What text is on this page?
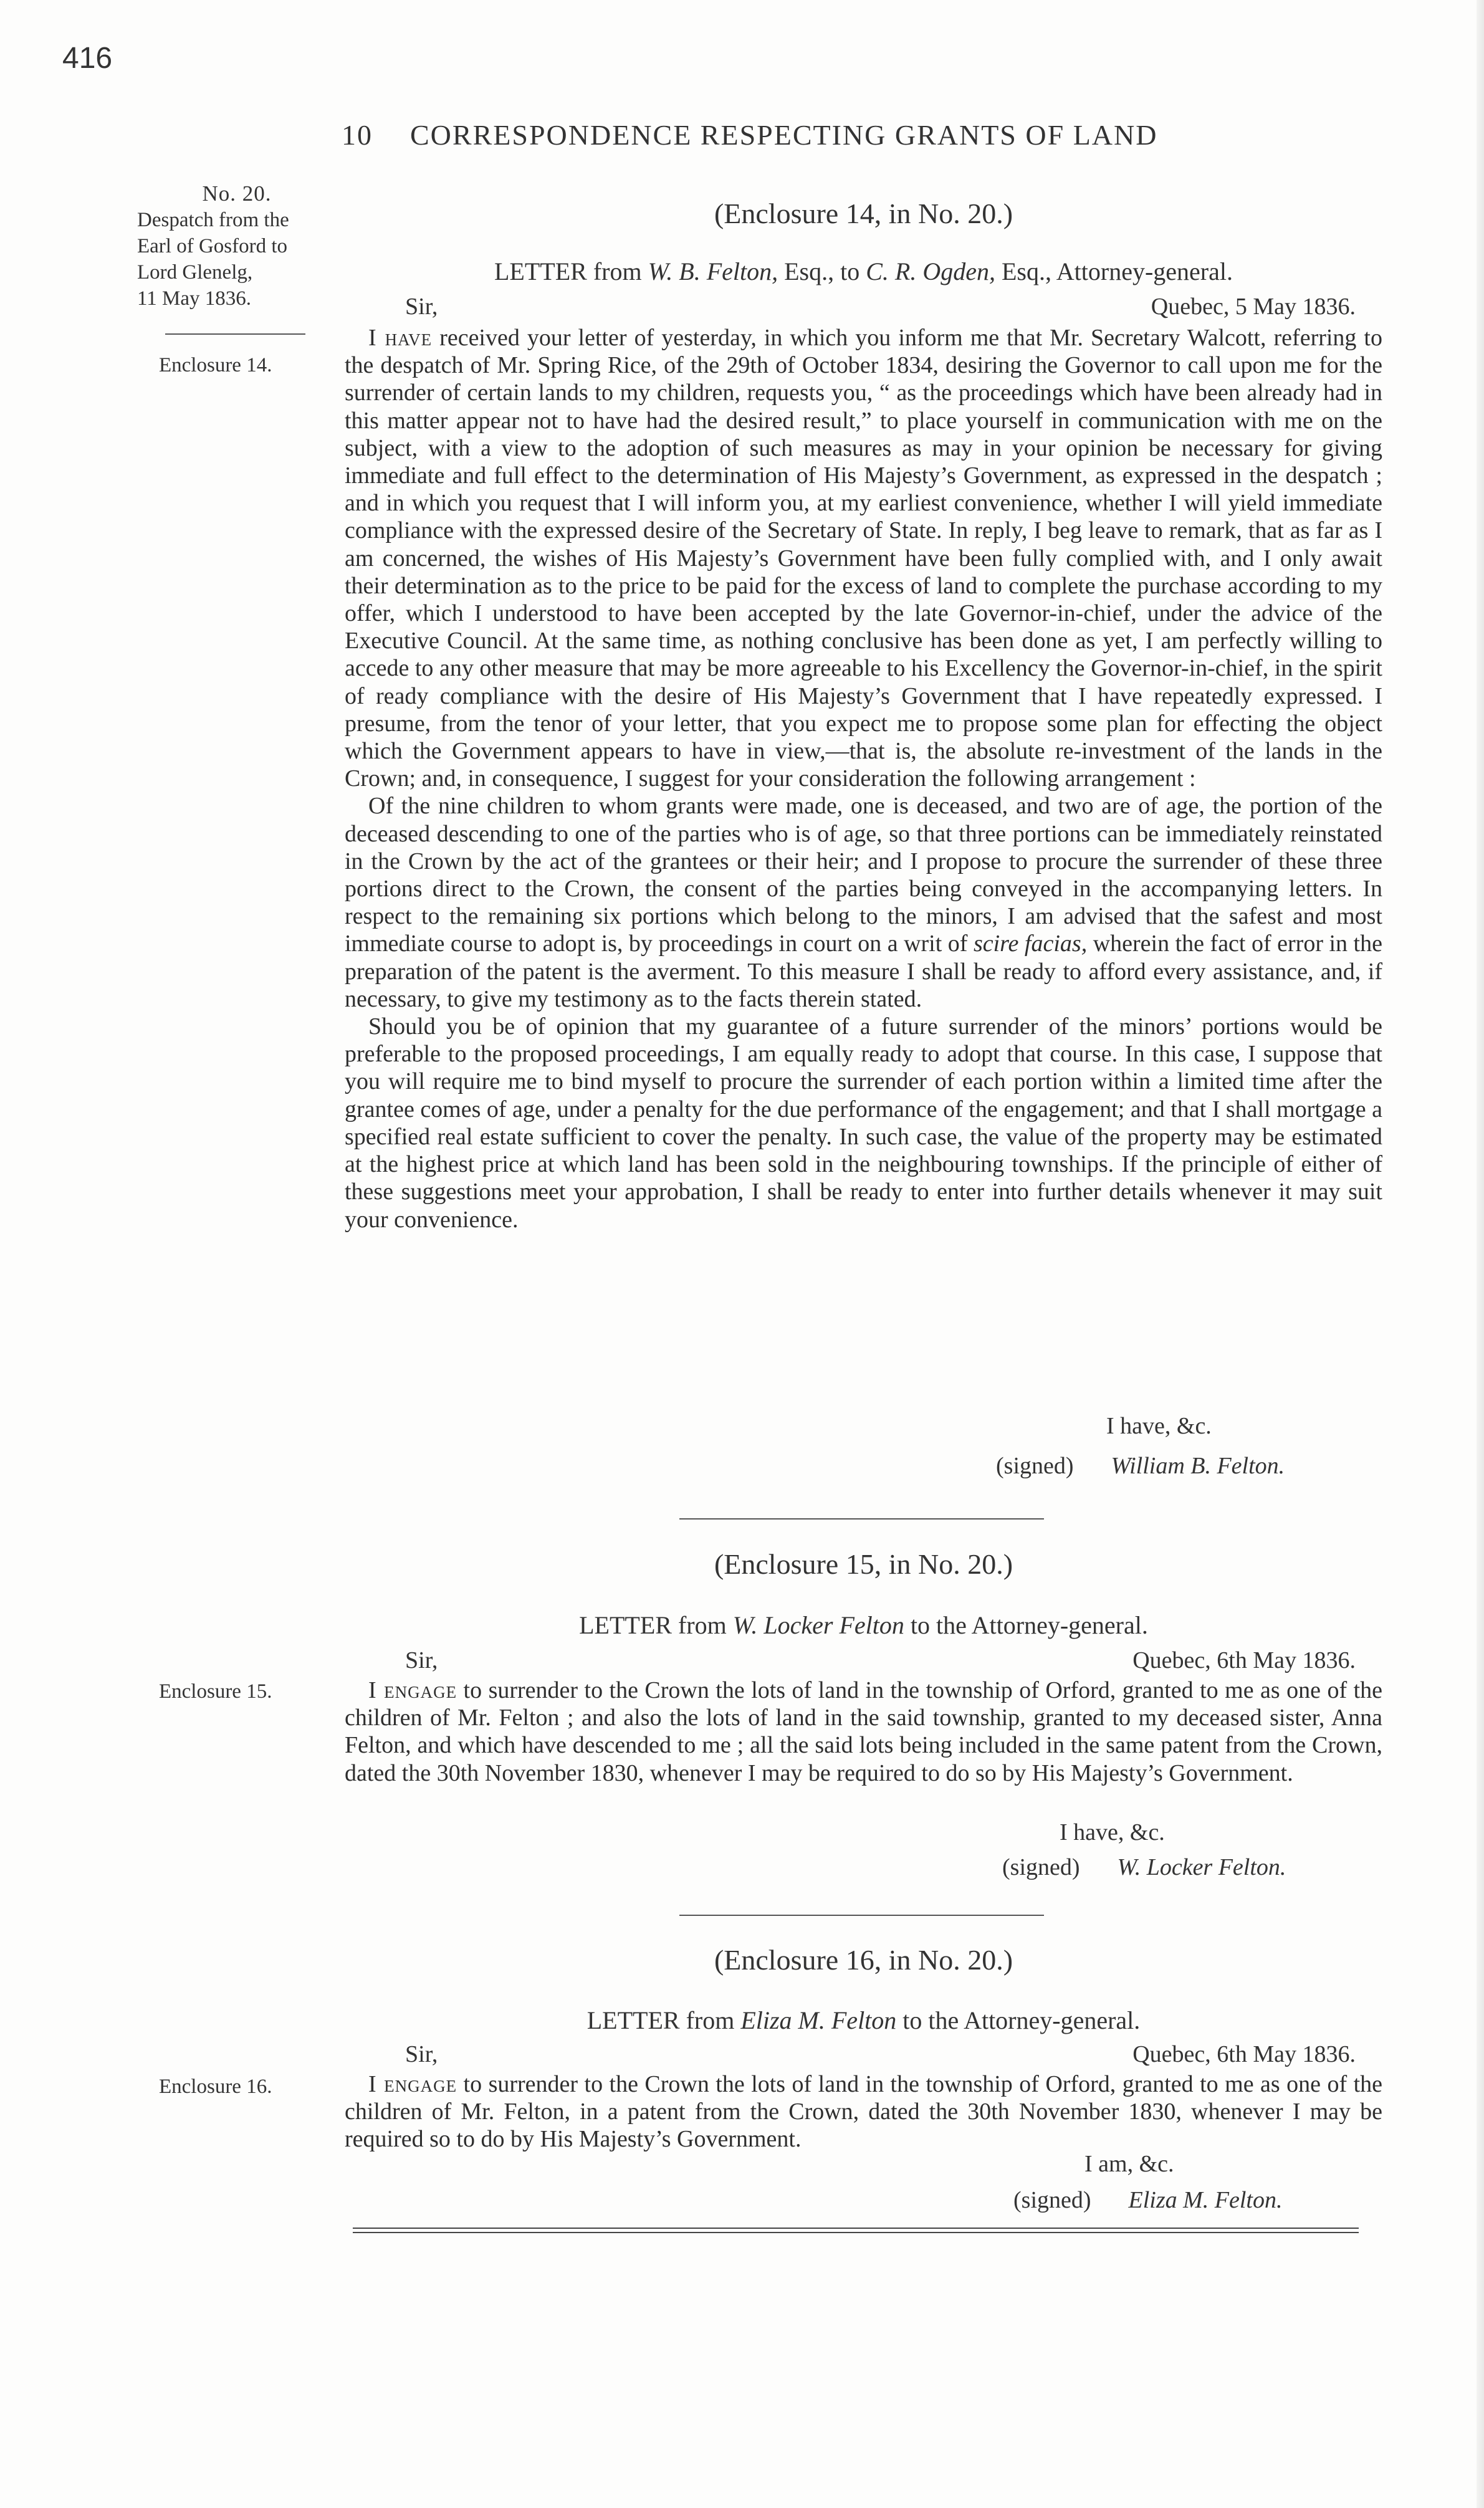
416
10 CORRESPONDENCE RESPECTING GRANTS OF LAND
No. 20.
Despatch from the
Earl of Gosford to
Lord Glenelg,
11 May 1836.
(Enclosure 14, in No. 20.)
LETTER from W. B. Felton, Esq., to C. R. Ogden, Esq., Attorney-general.
Sir,	Quebec, 5 May 1836.
Enclosure 14.

I have received your letter of yesterday, in which you inform me that Mr. Secretary Walcott, referring to the despatch of Mr. Spring Rice, of the 29th of October 1834, desiring the Governor to call upon me for the surrender of certain lands to my children, requests you, “ as the proceedings which have been already had in this matter appear not to have had the desired result,” to place yourself in communication with me on the subject, with a view to the adoption of such measures as may in your opinion be necessary for giving immediate and full effect to the determination of His Majesty’s Government, as expressed in the despatch ; and in which you request that I will inform you, at my earliest convenience, whether I will yield immediate compliance with the expressed desire of the Secretary of State. In reply, I beg leave to remark, that as far as I am concerned, the wishes of His Majesty’s Government have been fully complied with, and I only await their determination as to the price to be paid for the excess of land to complete the purchase according to my offer, which I understood to have been accepted by the late Governor-in-chief, under the advice of the Executive Council. At the same time, as nothing conclusive has been done as yet, I am perfectly willing to accede to any other measure that may be more agreeable to his Excellency the Governor-in-chief, in the spirit of ready compliance with the desire of His Majesty’s Government that I have repeatedly expressed. I presume, from the tenor of your letter, that you expect me to propose some plan for effecting the object which the Government appears to have in view,—that is, the absolute re-investment of the lands in the Crown; and, in consequence, I suggest for your consideration the following arrangement :

Of the nine children to whom grants were made, one is deceased, and two are of age, the portion of the deceased descending to one of the parties who is of age, so that three portions can be immediately reinstated in the Crown by the act of the grantees or their heir; and I propose to procure the surrender of these three portions direct to the Crown, the consent of the parties being conveyed in the accompanying letters. In respect to the remaining six portions which belong to the minors, I am advised that the safest and most immediate course to adopt is, by proceedings in court on a writ of scire facias, wherein the fact of error in the preparation of the patent is the averment. To this measure I shall be ready to afford every assistance, and, if necessary, to give my testimony as to the facts therein stated.

Should you be of opinion that my guarantee of a future surrender of the minors’ portions would be preferable to the proposed proceedings, I am equally ready to adopt that course. In this case, I suppose that you will require me to bind myself to procure the surrender of each portion within a limited time after the grantee comes of age, under a penalty for the due performance of the engagement; and that I shall mortgage a specified real estate sufficient to cover the penalty. In such case, the value of the property may be estimated at the highest price at which land has been sold in the neighbouring townships. If the principle of either of these suggestions meet your approbation, I shall be ready to enter into further details whenever it may suit your convenience.

I have, &c.
(signed) William B. Felton.
(Enclosure 15, in No. 20.)
LETTER from W. Locker Felton to the Attorney-general.
Sir,	Quebec, 6th May 1836.
Enclosure 15.	I engage to surrender to the Crown the lots of land in the township of Orford, granted to me as one of the children of Mr. Felton ; and also the lots of land in the said township, granted to my deceased sister, Anna Felton, and which have descended to me ; all the said lots being included in the same patent from the Crown, dated the 30th November 1830, whenever I may be required to do so by His Majesty’s Government.

I have, &c.
(signed) W. Locker Felton.
(Enclosure 16, in No. 20.)
LETTER from Eliza M. Felton to the Attorney-general.
Sir,	Quebec, 6th May 1836.
Enclosure 16.	I engage to surrender to the Crown the lots of land in the township of Orford, granted to me as one of the children of Mr. Felton, in a patent from the Crown, dated the 30th November 1830, whenever I may be required so to do by His Majesty’s Government.

I am, &c.
(signed) Eliza M. Felton.
